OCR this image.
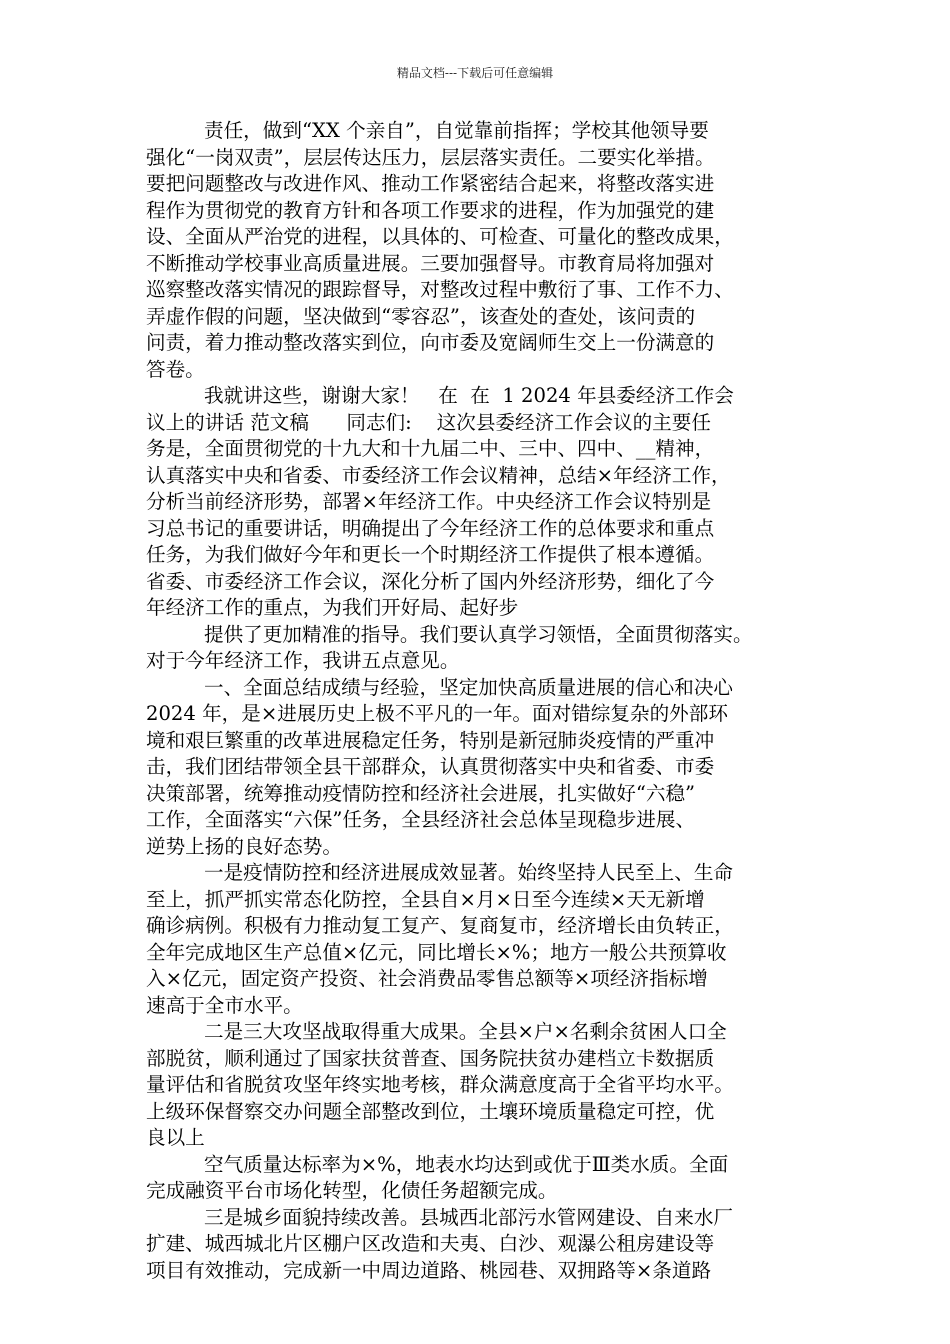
精品文档---下载后可任意编辑
责任，做到“XX 个亲自”，自觉靠前指挥；学校其他领导要
强化“一岗双责”，层层传达压力，层层落实责任。二要实化举措。
要把问题整改与改进作风、推动工作紧密结合起来，将整改落实进
程作为贯彻党的教育方针和各项工作要求的进程，作为加强党的建
设、全面从严治党的进程，以具体的、可检查、可量化的整改成果，
不断推动学校事业高质量进展。三要加强督导。市教育局将加强对
巡察整改落实情况的跟踪督导，对整改过程中敷衍了事、工作不力、
弄虚作假的问题，坚决做到“零容忍”，该查处的查处，该问责的
问责，着力推动整改落实到位，向市委及宽阔师生交上一份满意的
答卷。
我就讲这些，谢谢大家！   在  在  1 2024 年县委经济工作会
议上的讲话 范文稿      同志们:    这次县委经济工作会议的主要任
务是，全面贯彻党的十九大和十九届二中、三中、四中、__精神，
认真落实中央和省委、市委经济工作会议精神，总结×年经济工作，
分析当前经济形势，部署×年经济工作。中央经济工作会议特别是
习总书记的重要讲话，明确提出了今年经济工作的总体要求和重点
任务，为我们做好今年和更长一个时期经济工作提供了根本遵循。
省委、市委经济工作会议，深化分析了国内外经济形势，细化了今
年经济工作的重点，为我们开好局、起好步
提供了更加精准的指导。我们要认真学习领悟，全面贯彻落实。
对于今年经济工作，我讲五点意见。
一、全面总结成绩与经验，坚定加快高质量进展的信心和决心
2024 年，是×进展历史上极不平凡的一年。面对错综复杂的外部环
境和艰巨繁重的改革进展稳定任务，特别是新冠肺炎疫情的严重冲
击，我们团结带领全县干部群众，认真贯彻落实中央和省委、市委
决策部署，统筹推动疫情防控和经济社会进展，扎实做好“六稳”
工作，全面落实“六保”任务，全县经济社会总体呈现稳步进展、
逆势上扬的良好态势。
一是疫情防控和经济进展成效显著。始终坚持人民至上、生命
至上，抓严抓实常态化防控，全县自×月×日至今连续×天无新增
确诊病例。积极有力推动复工复产、复商复市，经济增长由负转正，
全年完成地区生产总值×亿元，同比增长×%；地方一般公共预算收
入×亿元，固定资产投资、社会消费品零售总额等×项经济指标增
速高于全市水平。
二是三大攻坚战取得重大成果。全县×户×名剩余贫困人口全
部脱贫，顺利通过了国家扶贫普查、国务院扶贫办建档立卡数据质
量评估和省脱贫攻坚年终实地考核，群众满意度高于全省平均水平。
上级环保督察交办问题全部整改到位，土壤环境质量稳定可控，优
良以上
空气质量达标率为×%，地表水均达到或优于Ⅲ类水质。全面
完成融资平台市场化转型，化债任务超额完成。
三是城乡面貌持续改善。县城西北部污水管网建设、自来水厂
扩建、城西城北片区棚户区改造和夫夷、白沙、观瀑公租房建设等
项目有效推动，完成新一中周边道路、桃园巷、双拥路等×条道路
